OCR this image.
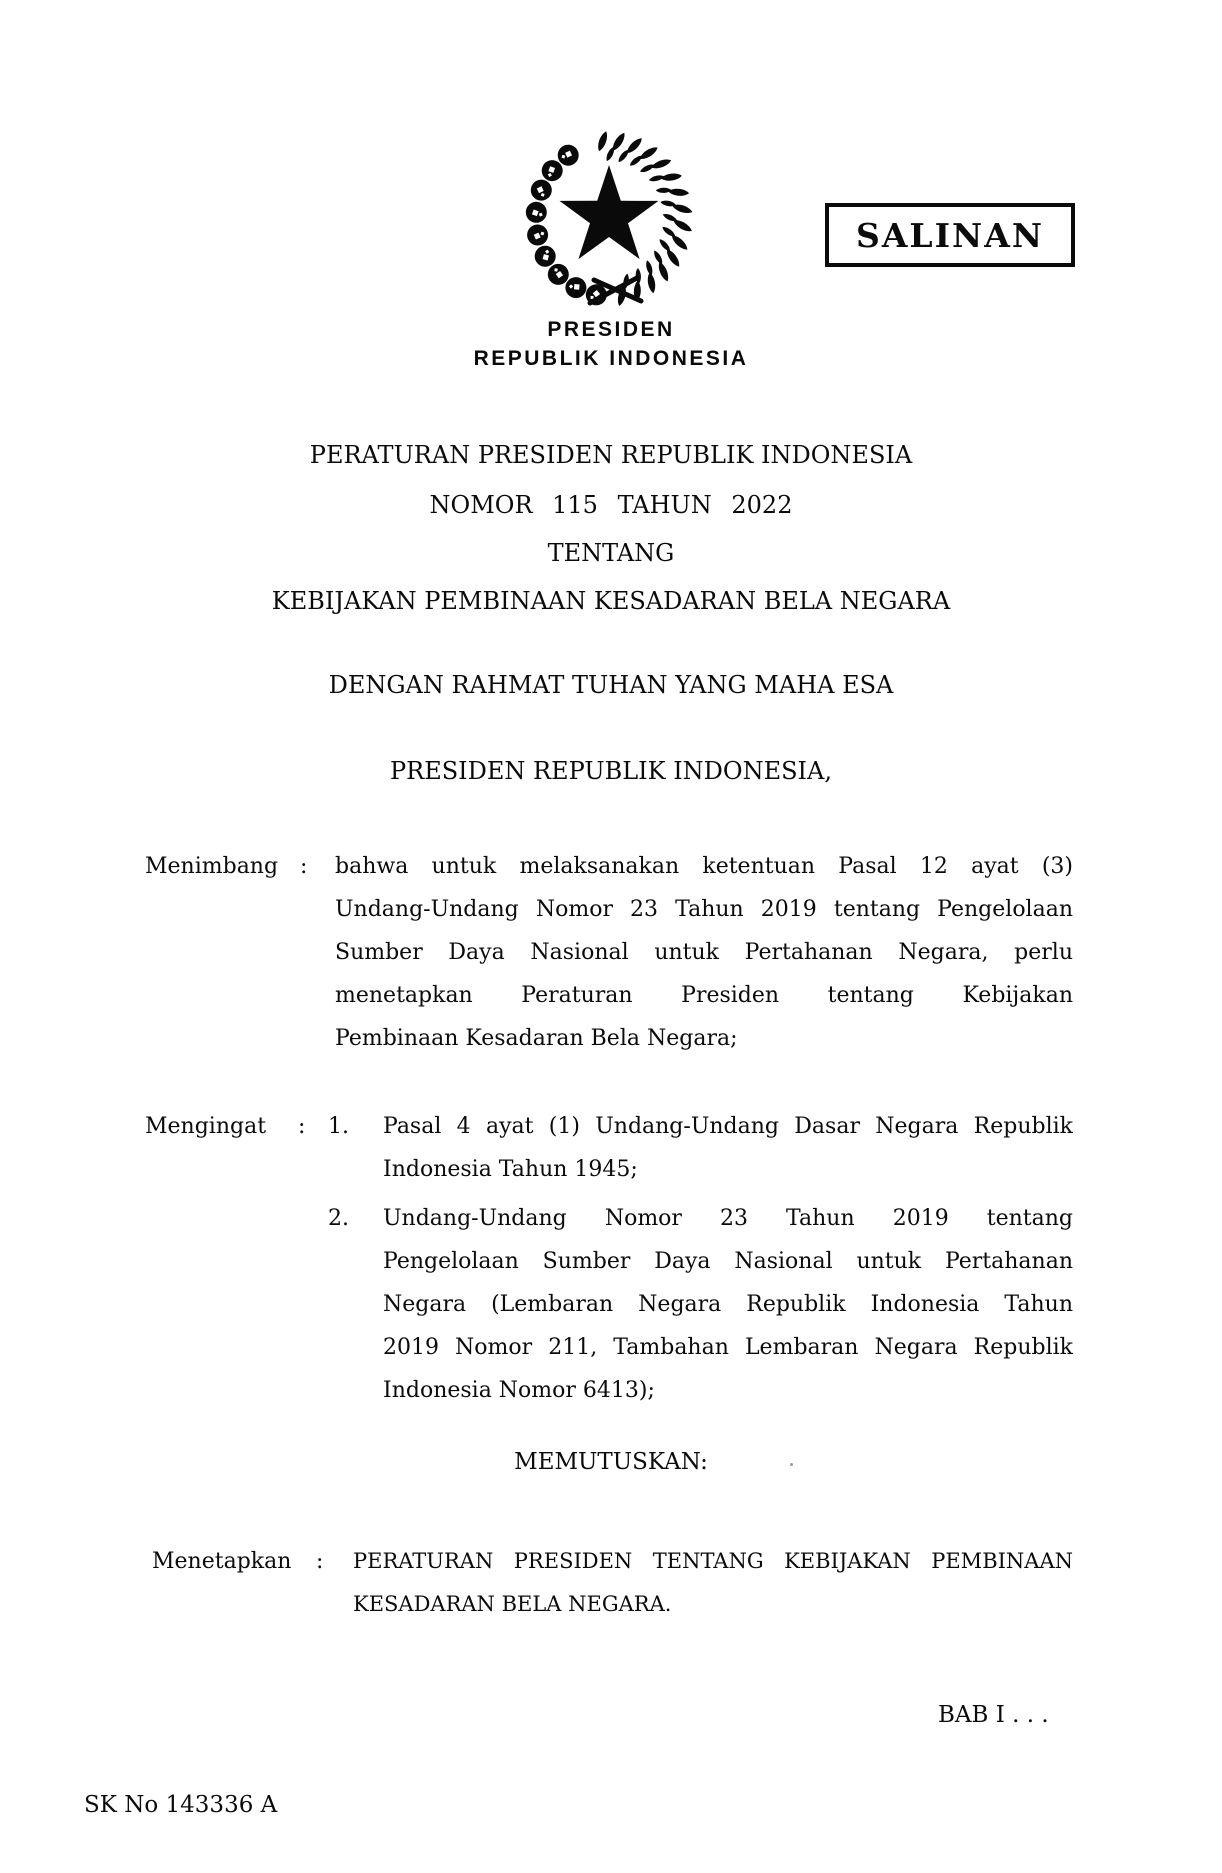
PRESIDEN
REPUBLIK INDONESIA
SALINAN
PERATURAN PRESIDEN REPUBLIK INDONESIA
NOMOR 115 TAHUN 2022
TENTANG
KEBIJAKAN PEMBINAAN KESADARAN BELA NEGARA
DENGAN RAHMAT TUHAN YANG MAHA ESA
PRESIDEN REPUBLIK INDONESIA,
Menimbang : bahwa untuk melaksanakan ketentuan Pasal 12 ayat (3)
Undang-Undang Nomor 23 Tahun 2019 tentang Pengelolaan
Sumber Daya Nasional untuk Pertahanan Negara, perlu
menetapkan Peraturan Presiden tentang Kebijakan
Pembinaan Kesadaran Bela Negara;
Mengingat : 1. Pasal 4 ayat (1) Undang-Undang Dasar Negara Republik
Indonesia Tahun 1945;
2. Undang-Undang Nomor 23 Tahun 2019 tentang
Pengelolaan Sumber Daya Nasional untuk Pertahanan
Negara (Lembaran Negara Republik Indonesia Tahun
2019 Nomor 211, Tambahan Lembaran Negara Republik
Indonesia Nomor 6413);
MEMUTUSKAN:
Menetapkan : PERATURAN PRESIDEN TENTANG KEBIJAKAN PEMBINAAN
KESADARAN BELA NEGARA.
BAB I . . .
SK No 143336 A
